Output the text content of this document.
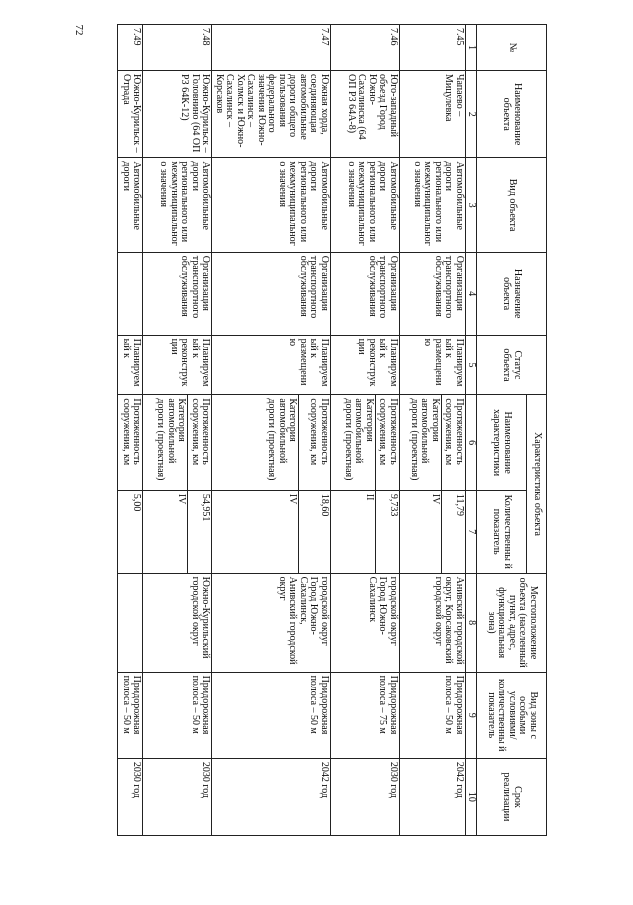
72
№	Наименование объекта	Вид объекта	Назначение объекта	Статус объекта	Характеристика объекта		Местоположение объекта (населенный пункт, адрес, функциональная зона)	Вид зоны с особыми условиями/ количественны й показатель	Срок реализации
					Наименование характеристики	Количественны й показатель			
1	2	3	4	5	6	7	8	9	10
7.45	Чапаево – Мицулевка	Автомобильные дороги регионального или межмуниципального значения	Организация транспортного обслуживания	Планируем ый к размещени ю	Протяженность сооружения, км	11,79	Анивский городской округ, Корсаковский городской округ	Придорожная полоса – 50 м	2042 год
					Категория автомобильной дороги (проектная)	IV			
7.46	Юго-западный объезд Город Южно-Сахалинска (64 ОП РЗ 64А-8)	Автомобильные дороги регионального или межмуниципального значения	Организация транспортного обслуживания	Планируем ый к реконструк ции	Протяженность сооружения, км	9,733	городской округ Город Южно-Сахалинск	Придорожная полоса – 75 м	2030 год
					Категория автомобильной дороги (проектная)	II			
7.47	Южная хорда, соединяющая автомобильные дороги общего пользования федерального значения Южно-Сахалинск – Холмск и Южно-Сахалинск – Корсаков	Автомобильные дороги регионального или межмуниципального значения	Организация транспортного обслуживания	Планируем ый к размещени ю	Протяженность сооружения, км	18,60	городской округ Город Южно-Сахалинск, Анивский городской округ	Придорожная полоса – 50 м	2042 год
					Категория автомобильной дороги (проектная)	IV			
7.48	Южно-Курильск – Головнино (64 ОП РЗ 64К-12)	Автомобильные дороги регионального или межмуниципального значения	Организация транспортного обслуживания	Планируем ый к реконструк ции	Протяженность сооружения, км	54,951	Южно-Курильский городской округ	Придорожная полоса – 50 м	2030 год
					Категория автомобильной дороги (проектная)	IV			
7.49	Южно-Курильск – Отрада	Автомобильные дороги		Планируем ый к	Протяженность сооружения, км	5,00		Придорожная полоса – 50 м	2030 год
